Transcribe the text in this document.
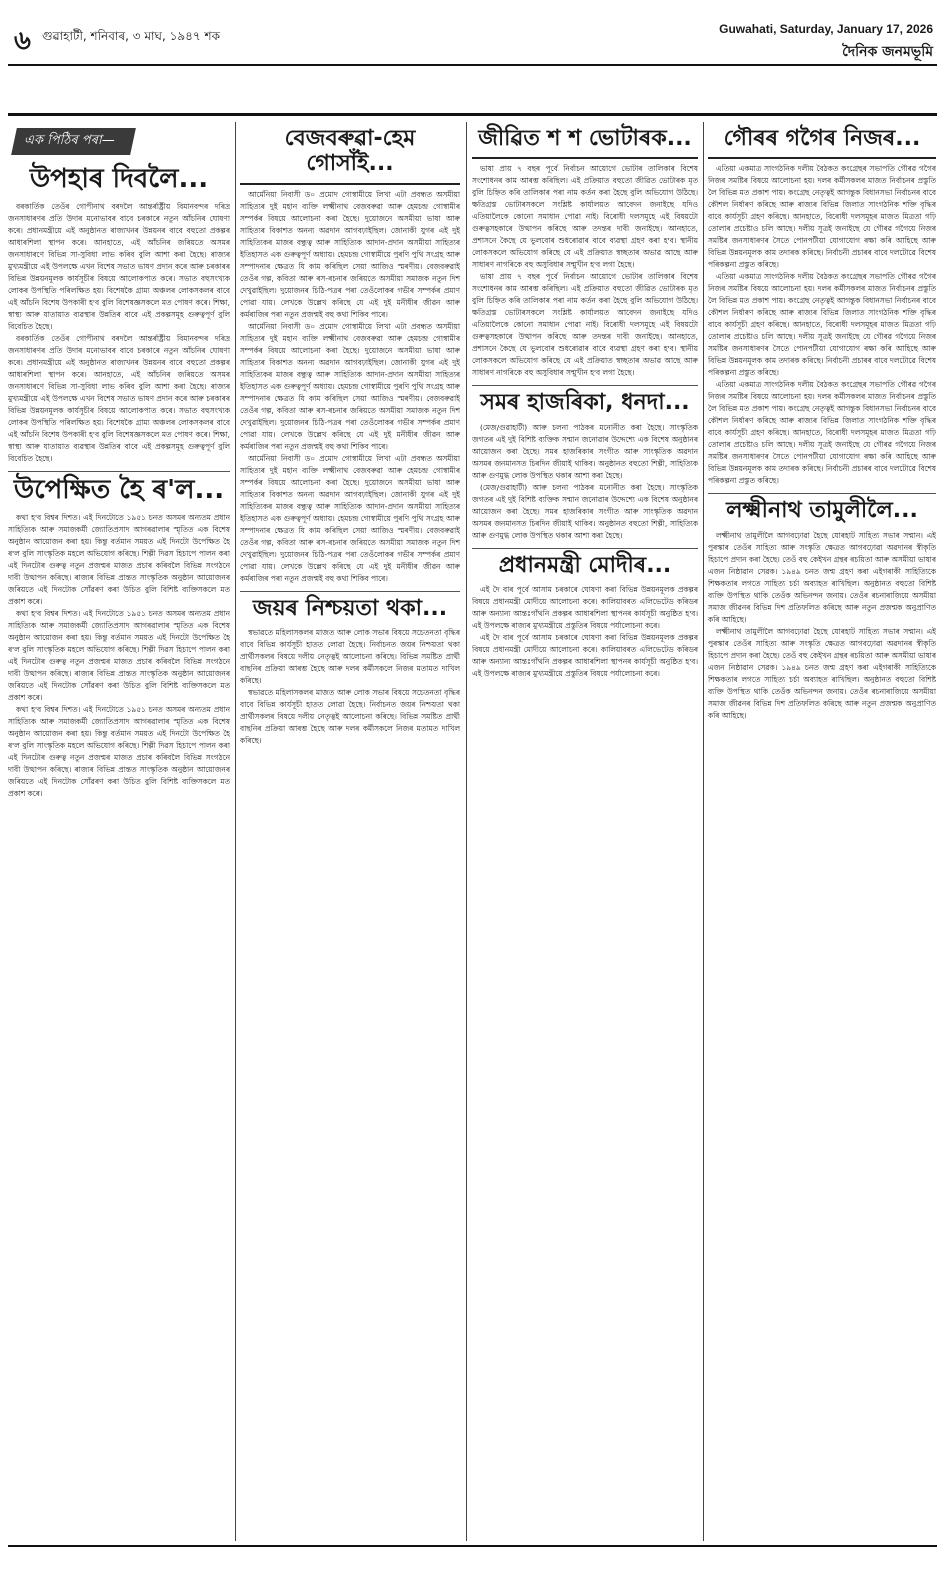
৬ গুৱাহাটী, শনিবাৰ, ৩ মাঘ, ১৯৪৭ শক	Guwahati, Saturday, January 17, 2026
দৈনিক জনমভূমি
এক পিঠিৰ পৰা—
উপহাৰ দিবলৈ...

বৰকাৰ্তিক তেওঁৰ গোপীনাথ বৰদলৈ আন্তৰ্ৰাষ্ট্ৰীয় বিমানবন্দৰ দৰিদ্ৰ জনসাধাৰণৰ প্ৰতি উদাৰ মনোভাবৰ বাবে চৰকাৰে নতুন আঁচনিৰ ঘোষণা কৰে। প্ৰধানমন্ত্ৰীয়ে এই অনুষ্ঠানত ৰাজ্যখনৰ উন্নয়নৰ বাবে বহুতো প্ৰকল্পৰ আধাৰশিলা স্থাপন কৰে। আনহাতে, এই আঁচনিৰ জৰিয়তে অসমৰ জনসাধাৰণে বিভিন্ন সা-সুবিধা লাভ কৰিব বুলি আশা কৰা হৈছে। ৰাজ্যৰ মুখ্যমন্ত্ৰীয়ে এই উপলক্ষে এখন বিশেষ সভাত ভাষণ প্ৰদান কৰে আৰু চৰকাৰৰ বিভিন্ন উন্নয়নমূলক কাৰ্যসূচীৰ বিষয়ে আলোকপাত কৰে। সভাত বহুসংখ্যক লোকৰ উপস্থিতি পৰিলক্ষিত হয়। বিশেষকৈ গ্ৰাম্য অঞ্চলৰ লোকসকলৰ বাবে এই আঁচনি বিশেষ উপকাৰী হ'ব বুলি বিশেষজ্ঞসকলে মত পোষণ কৰে। শিক্ষা, স্বাস্থ্য আৰু যাতায়াত ব্যৱস্থাৰ উন্নতিৰ বাবে এই প্ৰকল্পসমূহ গুৰুত্বপূৰ্ণ বুলি বিবেচিত হৈছে।

বৰকাৰ্তিক তেওঁৰ গোপীনাথ বৰদলৈ আন্তৰ্ৰাষ্ট্ৰীয় বিমানবন্দৰ দৰিদ্ৰ জনসাধাৰণৰ প্ৰতি উদাৰ মনোভাবৰ বাবে চৰকাৰে নতুন আঁচনিৰ ঘোষণা কৰে। প্ৰধানমন্ত্ৰীয়ে এই অনুষ্ঠানত ৰাজ্যখনৰ উন্নয়নৰ বাবে বহুতো প্ৰকল্পৰ আধাৰশিলা স্থাপন কৰে। আনহাতে, এই আঁচনিৰ জৰিয়তে অসমৰ জনসাধাৰণে বিভিন্ন সা-সুবিধা লাভ কৰিব বুলি আশা কৰা হৈছে। ৰাজ্যৰ মুখ্যমন্ত্ৰীয়ে এই উপলক্ষে এখন বিশেষ সভাত ভাষণ প্ৰদান কৰে আৰু চৰকাৰৰ বিভিন্ন উন্নয়নমূলক কাৰ্যসূচীৰ বিষয়ে আলোকপাত কৰে। সভাত বহুসংখ্যক লোকৰ উপস্থিতি পৰিলক্ষিত হয়। বিশেষকৈ গ্ৰাম্য অঞ্চলৰ লোকসকলৰ বাবে এই আঁচনি বিশেষ উপকাৰী হ'ব বুলি বিশেষজ্ঞসকলে মত পোষণ কৰে। শিক্ষা, স্বাস্থ্য আৰু যাতায়াত ব্যৱস্থাৰ উন্নতিৰ বাবে এই প্ৰকল্পসমূহ গুৰুত্বপূৰ্ণ বুলি বিবেচিত হৈছে।

উপেক্ষিত হৈ ৰ'ল...

কথা হ'ব বিশ্বৰ দিশত। এই দিনটোতে ১৯৫১ চনত অসমৰ অন্যতম প্ৰধান সাহিত্যিক আৰু সমাজকৰ্মী জ্যোতিপ্ৰসাদ আগৰৱালাৰ স্মৃতিত এক বিশেষ অনুষ্ঠান আয়োজন কৰা হয়। কিন্তু বৰ্তমান সময়ত এই দিনটো উপেক্ষিত হৈ ৰ'ল বুলি সাংস্কৃতিক মহলে অভিযোগ কৰিছে। শিল্পী দিৱস হিচাপে পালন কৰা এই দিনটোৰ গুৰুত্ব নতুন প্ৰজন্মৰ মাজত প্ৰচাৰ কৰিবলৈ বিভিন্ন সংগঠনে দাবী উত্থাপন কৰিছে। ৰাজ্যৰ বিভিন্ন প্ৰান্তত সাংস্কৃতিক অনুষ্ঠান আয়োজনৰ জৰিয়তে এই দিনটোক সোঁৱৰণ কৰা উচিত বুলি বিশিষ্ট ব্যক্তিসকলে মত প্ৰকাশ কৰে।

কথা হ'ব বিশ্বৰ দিশত। এই দিনটোতে ১৯৫১ চনত অসমৰ অন্যতম প্ৰধান সাহিত্যিক আৰু সমাজকৰ্মী জ্যোতিপ্ৰসাদ আগৰৱালাৰ স্মৃতিত এক বিশেষ অনুষ্ঠান আয়োজন কৰা হয়। কিন্তু বৰ্তমান সময়ত এই দিনটো উপেক্ষিত হৈ ৰ'ল বুলি সাংস্কৃতিক মহলে অভিযোগ কৰিছে। শিল্পী দিৱস হিচাপে পালন কৰা এই দিনটোৰ গুৰুত্ব নতুন প্ৰজন্মৰ মাজত প্ৰচাৰ কৰিবলৈ বিভিন্ন সংগঠনে দাবী উত্থাপন কৰিছে। ৰাজ্যৰ বিভিন্ন প্ৰান্তত সাংস্কৃতিক অনুষ্ঠান আয়োজনৰ জৰিয়তে এই দিনটোক সোঁৱৰণ কৰা উচিত বুলি বিশিষ্ট ব্যক্তিসকলে মত প্ৰকাশ কৰে।

কথা হ'ব বিশ্বৰ দিশত। এই দিনটোতে ১৯৫১ চনত অসমৰ অন্যতম প্ৰধান সাহিত্যিক আৰু সমাজকৰ্মী জ্যোতিপ্ৰসাদ আগৰৱালাৰ স্মৃতিত এক বিশেষ অনুষ্ঠান আয়োজন কৰা হয়। কিন্তু বৰ্তমান সময়ত এই দিনটো উপেক্ষিত হৈ ৰ'ল বুলি সাংস্কৃতিক মহলে অভিযোগ কৰিছে। শিল্পী দিৱস হিচাপে পালন কৰা এই দিনটোৰ গুৰুত্ব নতুন প্ৰজন্মৰ মাজত প্ৰচাৰ কৰিবলৈ বিভিন্ন সংগঠনে দাবী উত্থাপন কৰিছে। ৰাজ্যৰ বিভিন্ন প্ৰান্তত সাংস্কৃতিক অনুষ্ঠান আয়োজনৰ জৰিয়তে এই দিনটোক সোঁৱৰণ কৰা উচিত বুলি বিশিষ্ট ব্যক্তিসকলে মত প্ৰকাশ কৰে।

বেজবৰুৱা-হেম গোসাঁই...

আৰ্মেনিয়া নিবাসী ড০ প্ৰমোদ গোস্বামীয়ে লিখা এটা প্ৰবন্ধত অসমীয়া সাহিত্যৰ দুই মহান ব্যক্তি লক্ষ্মীনাথ বেজবৰুৱা আৰু হেমচন্দ্ৰ গোস্বামীৰ সম্পৰ্কৰ বিষয়ে আলোচনা কৰা হৈছে। দুয়োজনে অসমীয়া ভাষা আৰু সাহিত্যৰ বিকাশত অনন্য অৱদান আগবঢ়াইছিল। জোনাকী যুগৰ এই দুই সাহিত্যিকৰ মাজৰ বন্ধুত্ব আৰু সাহিত্যিক আদান-প্ৰদান অসমীয়া সাহিত্যৰ ইতিহাসত এক গুৰুত্বপূৰ্ণ অধ্যায়। হেমচন্দ্ৰ গোস্বামীয়ে পুৰণি পুথি সংগ্ৰহ আৰু সম্পাদনাৰ ক্ষেত্ৰত যি কাম কৰিছিল সেয়া আজিও স্মৰণীয়। বেজবৰুৱাই তেওঁৰ গল্প, কবিতা আৰু ৰস-ৰচনাৰ জৰিয়তে অসমীয়া সমাজক নতুন দিশ দেখুৱাইছিল। দুয়োজনৰ চিঠি-পত্ৰৰ পৰা তেওঁলোকৰ গভীৰ সম্পৰ্কৰ প্ৰমাণ পোৱা যায়। লেখকে উল্লেখ কৰিছে যে এই দুই মনীষীৰ জীৱন আৰু কৰ্মৰাজিৰ পৰা নতুন প্ৰজন্মই বহু কথা শিকিব পাৰে।

আৰ্মেনিয়া নিবাসী ড০ প্ৰমোদ গোস্বামীয়ে লিখা এটা প্ৰবন্ধত অসমীয়া সাহিত্যৰ দুই মহান ব্যক্তি লক্ষ্মীনাথ বেজবৰুৱা আৰু হেমচন্দ্ৰ গোস্বামীৰ সম্পৰ্কৰ বিষয়ে আলোচনা কৰা হৈছে। দুয়োজনে অসমীয়া ভাষা আৰু সাহিত্যৰ বিকাশত অনন্য অৱদান আগবঢ়াইছিল। জোনাকী যুগৰ এই দুই সাহিত্যিকৰ মাজৰ বন্ধুত্ব আৰু সাহিত্যিক আদান-প্ৰদান অসমীয়া সাহিত্যৰ ইতিহাসত এক গুৰুত্বপূৰ্ণ অধ্যায়। হেমচন্দ্ৰ গোস্বামীয়ে পুৰণি পুথি সংগ্ৰহ আৰু সম্পাদনাৰ ক্ষেত্ৰত যি কাম কৰিছিল সেয়া আজিও স্মৰণীয়। বেজবৰুৱাই তেওঁৰ গল্প, কবিতা আৰু ৰস-ৰচনাৰ জৰিয়তে অসমীয়া সমাজক নতুন দিশ দেখুৱাইছিল। দুয়োজনৰ চিঠি-পত্ৰৰ পৰা তেওঁলোকৰ গভীৰ সম্পৰ্কৰ প্ৰমাণ পোৱা যায়। লেখকে উল্লেখ কৰিছে যে এই দুই মনীষীৰ জীৱন আৰু কৰ্মৰাজিৰ পৰা নতুন প্ৰজন্মই বহু কথা শিকিব পাৰে।

আৰ্মেনিয়া নিবাসী ড০ প্ৰমোদ গোস্বামীয়ে লিখা এটা প্ৰবন্ধত অসমীয়া সাহিত্যৰ দুই মহান ব্যক্তি লক্ষ্মীনাথ বেজবৰুৱা আৰু হেমচন্দ্ৰ গোস্বামীৰ সম্পৰ্কৰ বিষয়ে আলোচনা কৰা হৈছে। দুয়োজনে অসমীয়া ভাষা আৰু সাহিত্যৰ বিকাশত অনন্য অৱদান আগবঢ়াইছিল। জোনাকী যুগৰ এই দুই সাহিত্যিকৰ মাজৰ বন্ধুত্ব আৰু সাহিত্যিক আদান-প্ৰদান অসমীয়া সাহিত্যৰ ইতিহাসত এক গুৰুত্বপূৰ্ণ অধ্যায়। হেমচন্দ্ৰ গোস্বামীয়ে পুৰণি পুথি সংগ্ৰহ আৰু সম্পাদনাৰ ক্ষেত্ৰত যি কাম কৰিছিল সেয়া আজিও স্মৰণীয়। বেজবৰুৱাই তেওঁৰ গল্প, কবিতা আৰু ৰস-ৰচনাৰ জৰিয়তে অসমীয়া সমাজক নতুন দিশ দেখুৱাইছিল। দুয়োজনৰ চিঠি-পত্ৰৰ পৰা তেওঁলোকৰ গভীৰ সম্পৰ্কৰ প্ৰমাণ পোৱা যায়। লেখকে উল্লেখ কৰিছে যে এই দুই মনীষীৰ জীৱন আৰু কৰ্মৰাজিৰ পৰা নতুন প্ৰজন্মই বহু কথা শিকিব পাৰে।

জয়ৰ নিশ্চয়তা থকা...

স্বভাৱতে মহিলাসকলৰ মাজত আৰু লোক সভাৰ বিষয়ে সচেতনতা বৃদ্ধিৰ বাবে বিভিন্ন কাৰ্যসূচী হাতত লোৱা হৈছে। নিৰ্বাচনত জয়ৰ নিশ্চয়তা থকা প্ৰাৰ্থীসকলৰ বিষয়ে দলীয় নেতৃত্বই আলোচনা কৰিছে। বিভিন্ন সমষ্টিত প্ৰাৰ্থী বাছনিৰ প্ৰক্ৰিয়া আৰম্ভ হৈছে আৰু দলৰ কৰ্মীসকলে নিজৰ মতামত দাখিল কৰিছে।

স্বভাৱতে মহিলাসকলৰ মাজত আৰু লোক সভাৰ বিষয়ে সচেতনতা বৃদ্ধিৰ বাবে বিভিন্ন কাৰ্যসূচী হাতত লোৱা হৈছে। নিৰ্বাচনত জয়ৰ নিশ্চয়তা থকা প্ৰাৰ্থীসকলৰ বিষয়ে দলীয় নেতৃত্বই আলোচনা কৰিছে। বিভিন্ন সমষ্টিত প্ৰাৰ্থী বাছনিৰ প্ৰক্ৰিয়া আৰম্ভ হৈছে আৰু দলৰ কৰ্মীসকলে নিজৰ মতামত দাখিল কৰিছে।

জীৱিত শ শ ভোটাৰক...

ভাষা প্ৰায় ৭ বছৰ পূৰ্বে নিৰ্বাচন আয়োগে ভোটাৰ তালিকাৰ বিশেষ সংশোধনৰ কাম আৰম্ভ কৰিছিল। এই প্ৰক্ৰিয়াত বহুতো জীৱিত ভোটাৰক মৃত বুলি চিহ্নিত কৰি তালিকাৰ পৰা নাম কৰ্তন কৰা হৈছে বুলি অভিযোগ উঠিছে। ক্ষতিগ্ৰস্ত ভোটাৰসকলে সংশ্লিষ্ট কাৰ্যালয়ত আবেদন জনাইছে যদিও এতিয়ালৈকে কোনো সমাধান পোৱা নাই। বিৰোধী দলসমূহে এই বিষয়টো গুৰুত্বসহকাৰে উত্থাপন কৰিছে আৰু তদন্তৰ দাবী জনাইছে। আনহাতে, প্ৰশাসনে কৈছে যে ভুলবোৰ শুধৰোৱাৰ বাবে ব্যৱস্থা গ্ৰহণ কৰা হ'ব। স্থানীয় লোকসকলে অভিযোগ কৰিছে যে এই প্ৰক্ৰিয়াত স্বচ্ছতাৰ অভাৱ আছে আৰু সাধাৰণ নাগৰিকে বহু অসুবিধাৰ সন্মুখীন হ'ব লগা হৈছে।

ভাষা প্ৰায় ৭ বছৰ পূৰ্বে নিৰ্বাচন আয়োগে ভোটাৰ তালিকাৰ বিশেষ সংশোধনৰ কাম আৰম্ভ কৰিছিল। এই প্ৰক্ৰিয়াত বহুতো জীৱিত ভোটাৰক মৃত বুলি চিহ্নিত কৰি তালিকাৰ পৰা নাম কৰ্তন কৰা হৈছে বুলি অভিযোগ উঠিছে। ক্ষতিগ্ৰস্ত ভোটাৰসকলে সংশ্লিষ্ট কাৰ্যালয়ত আবেদন জনাইছে যদিও এতিয়ালৈকে কোনো সমাধান পোৱা নাই। বিৰোধী দলসমূহে এই বিষয়টো গুৰুত্বসহকাৰে উত্থাপন কৰিছে আৰু তদন্তৰ দাবী জনাইছে। আনহাতে, প্ৰশাসনে কৈছে যে ভুলবোৰ শুধৰোৱাৰ বাবে ব্যৱস্থা গ্ৰহণ কৰা হ'ব। স্থানীয় লোকসকলে অভিযোগ কৰিছে যে এই প্ৰক্ৰিয়াত স্বচ্ছতাৰ অভাৱ আছে আৰু সাধাৰণ নাগৰিকে বহু অসুবিধাৰ সন্মুখীন হ'ব লগা হৈছে।

সমৰ হাজৰিকা, ধনদা...

(মেজ/গুৱাহাটী) আৰু চলনা পাঠকৰ মনোনীত কৰা হৈছে। সাংস্কৃতিক জগতৰ এই দুই বিশিষ্ট ব্যক্তিক সন্মান জনোৱাৰ উদ্দেশ্যে এক বিশেষ অনুষ্ঠানৰ আয়োজন কৰা হৈছে। সমৰ হাজৰিকাৰ সংগীত আৰু সাংস্কৃতিক অৱদান অসমৰ জনমানসত চিৰদিন জীয়াই থাকিব। অনুষ্ঠানত বহুতো শিল্পী, সাহিত্যিক আৰু গুণমুগ্ধ লোক উপস্থিত থকাৰ আশা কৰা হৈছে।

(মেজ/গুৱাহাটী) আৰু চলনা পাঠকৰ মনোনীত কৰা হৈছে। সাংস্কৃতিক জগতৰ এই দুই বিশিষ্ট ব্যক্তিক সন্মান জনোৱাৰ উদ্দেশ্যে এক বিশেষ অনুষ্ঠানৰ আয়োজন কৰা হৈছে। সমৰ হাজৰিকাৰ সংগীত আৰু সাংস্কৃতিক অৱদান অসমৰ জনমানসত চিৰদিন জীয়াই থাকিব। অনুষ্ঠানত বহুতো শিল্পী, সাহিত্যিক আৰু গুণমুগ্ধ লোক উপস্থিত থকাৰ আশা কৰা হৈছে।

প্ৰধানমন্ত্ৰী মোদীৰ...

এই দৈ বাৰ পূৰ্বে আসাম চৰকাৰে ঘোষণা কৰা বিভিন্ন উন্নয়নমূলক প্ৰকল্পৰ বিষয়ে প্ৰধানমন্ত্ৰী মোদীয়ে আলোচনা কৰে। কালিয়াবৰত এলিভেটেড কৰিডৰ আৰু অন্যান্য আন্তঃগাঁথনি প্ৰকল্পৰ আধাৰশিলা স্থাপনৰ কাৰ্যসূচী অনুষ্ঠিত হ'ব। এই উপলক্ষে ৰাজ্যৰ মুখ্যমন্ত্ৰীয়ে প্ৰস্তুতিৰ বিষয়ে পৰ্যালোচনা কৰে।

এই দৈ বাৰ পূৰ্বে আসাম চৰকাৰে ঘোষণা কৰা বিভিন্ন উন্নয়নমূলক প্ৰকল্পৰ বিষয়ে প্ৰধানমন্ত্ৰী মোদীয়ে আলোচনা কৰে। কালিয়াবৰত এলিভেটেড কৰিডৰ আৰু অন্যান্য আন্তঃগাঁথনি প্ৰকল্পৰ আধাৰশিলা স্থাপনৰ কাৰ্যসূচী অনুষ্ঠিত হ'ব। এই উপলক্ষে ৰাজ্যৰ মুখ্যমন্ত্ৰীয়ে প্ৰস্তুতিৰ বিষয়ে পৰ্যালোচনা কৰে।

গৌৰৰ গগৈৰ নিজৰ...

এতিয়া একমাত্ৰ সাংগঠনিক দলীয় বৈঠকত কংগ্ৰেছৰ সভাপতি গৌৰৱ গগৈৰ নিজৰ সমষ্টিৰ বিষয়ে আলোচনা হয়। দলৰ কৰ্মীসকলৰ মাজত নিৰ্বাচনৰ প্ৰস্তুতি লৈ বিভিন্ন মত প্ৰকাশ পায়। কংগ্ৰেছ নেতৃত্বই আগন্তুক বিধানসভা নিৰ্বাচনৰ বাবে কৌশল নিৰ্ধাৰণ কৰিছে আৰু ৰাজ্যৰ বিভিন্ন জিলাত সাংগঠনিক শক্তি বৃদ্ধিৰ বাবে কাৰ্যসূচী গ্ৰহণ কৰিছে। আনহাতে, বিৰোধী দলসমূহৰ মাজত মিত্ৰতা গঢ়ি তোলাৰ প্ৰচেষ্টাও চলি আছে। দলীয় সূত্ৰই জনাইছে যে গৌৰৱ গগৈয়ে নিজৰ সমষ্টিৰ জনসাধাৰণৰ সৈতে পোনপটীয়া যোগাযোগ ৰক্ষা কৰি আহিছে আৰু বিভিন্ন উন্নয়নমূলক কাম তদাৰক কৰিছে। নিৰ্বাচনী প্ৰচাৰৰ বাবে দলটোৱে বিশেষ পৰিকল্পনা প্ৰস্তুত কৰিছে।

এতিয়া একমাত্ৰ সাংগঠনিক দলীয় বৈঠকত কংগ্ৰেছৰ সভাপতি গৌৰৱ গগৈৰ নিজৰ সমষ্টিৰ বিষয়ে আলোচনা হয়। দলৰ কৰ্মীসকলৰ মাজত নিৰ্বাচনৰ প্ৰস্তুতি লৈ বিভিন্ন মত প্ৰকাশ পায়। কংগ্ৰেছ নেতৃত্বই আগন্তুক বিধানসভা নিৰ্বাচনৰ বাবে কৌশল নিৰ্ধাৰণ কৰিছে আৰু ৰাজ্যৰ বিভিন্ন জিলাত সাংগঠনিক শক্তি বৃদ্ধিৰ বাবে কাৰ্যসূচী গ্ৰহণ কৰিছে। আনহাতে, বিৰোধী দলসমূহৰ মাজত মিত্ৰতা গঢ়ি তোলাৰ প্ৰচেষ্টাও চলি আছে। দলীয় সূত্ৰই জনাইছে যে গৌৰৱ গগৈয়ে নিজৰ সমষ্টিৰ জনসাধাৰণৰ সৈতে পোনপটীয়া যোগাযোগ ৰক্ষা কৰি আহিছে আৰু বিভিন্ন উন্নয়নমূলক কাম তদাৰক কৰিছে। নিৰ্বাচনী প্ৰচাৰৰ বাবে দলটোৱে বিশেষ পৰিকল্পনা প্ৰস্তুত কৰিছে।

এতিয়া একমাত্ৰ সাংগঠনিক দলীয় বৈঠকত কংগ্ৰেছৰ সভাপতি গৌৰৱ গগৈৰ নিজৰ সমষ্টিৰ বিষয়ে আলোচনা হয়। দলৰ কৰ্মীসকলৰ মাজত নিৰ্বাচনৰ প্ৰস্তুতি লৈ বিভিন্ন মত প্ৰকাশ পায়। কংগ্ৰেছ নেতৃত্বই আগন্তুক বিধানসভা নিৰ্বাচনৰ বাবে কৌশল নিৰ্ধাৰণ কৰিছে আৰু ৰাজ্যৰ বিভিন্ন জিলাত সাংগঠনিক শক্তি বৃদ্ধিৰ বাবে কাৰ্যসূচী গ্ৰহণ কৰিছে। আনহাতে, বিৰোধী দলসমূহৰ মাজত মিত্ৰতা গঢ়ি তোলাৰ প্ৰচেষ্টাও চলি আছে। দলীয় সূত্ৰই জনাইছে যে গৌৰৱ গগৈয়ে নিজৰ সমষ্টিৰ জনসাধাৰণৰ সৈতে পোনপটীয়া যোগাযোগ ৰক্ষা কৰি আহিছে আৰু বিভিন্ন উন্নয়নমূলক কাম তদাৰক কৰিছে। নিৰ্বাচনী প্ৰচাৰৰ বাবে দলটোৱে বিশেষ পৰিকল্পনা প্ৰস্তুত কৰিছে।

লক্ষ্মীনাথ তামুলীলৈ...

লক্ষ্মীনাথ তামুলীলৈ আগবঢ়োৱা হৈছে যোৰহাট সাহিত্য সভাৰ সন্মান। এই পুৰস্কাৰ তেওঁৰ সাহিত্য আৰু সংস্কৃতি ক্ষেত্ৰত আগবঢ়োৱা অৱদানৰ স্বীকৃতি হিচাপে প্ৰদান কৰা হৈছে। তেওঁ বহু কেইখন গ্ৰন্থৰ ৰচয়িতা আৰু অসমীয়া ভাষাৰ এজন নিষ্ঠাৱান সেৱক। ১৯৪৯ চনত জন্ম গ্ৰহণ কৰা এইগৰাকী সাহিত্যিকে শিক্ষকতাৰ লগতে সাহিত্য চৰ্চা অব্যাহত ৰাখিছিল। অনুষ্ঠানত বহুতো বিশিষ্ট ব্যক্তি উপস্থিত থাকি তেওঁক অভিনন্দন জনায়। তেওঁৰ ৰচনাৰাজিয়ে অসমীয়া সমাজ জীৱনৰ বিভিন্ন দিশ প্ৰতিফলিত কৰিছে আৰু নতুন প্ৰজন্মক অনুপ্ৰাণিত কৰি আহিছে।

লক্ষ্মীনাথ তামুলীলৈ আগবঢ়োৱা হৈছে যোৰহাট সাহিত্য সভাৰ সন্মান। এই পুৰস্কাৰ তেওঁৰ সাহিত্য আৰু সংস্কৃতি ক্ষেত্ৰত আগবঢ়োৱা অৱদানৰ স্বীকৃতি হিচাপে প্ৰদান কৰা হৈছে। তেওঁ বহু কেইখন গ্ৰন্থৰ ৰচয়িতা আৰু অসমীয়া ভাষাৰ এজন নিষ্ঠাৱান সেৱক। ১৯৪৯ চনত জন্ম গ্ৰহণ কৰা এইগৰাকী সাহিত্যিকে শিক্ষকতাৰ লগতে সাহিত্য চৰ্চা অব্যাহত ৰাখিছিল। অনুষ্ঠানত বহুতো বিশিষ্ট ব্যক্তি উপস্থিত থাকি তেওঁক অভিনন্দন জনায়। তেওঁৰ ৰচনাৰাজিয়ে অসমীয়া সমাজ জীৱনৰ বিভিন্ন দিশ প্ৰতিফলিত কৰিছে আৰু নতুন প্ৰজন্মক অনুপ্ৰাণিত কৰি আহিছে।
